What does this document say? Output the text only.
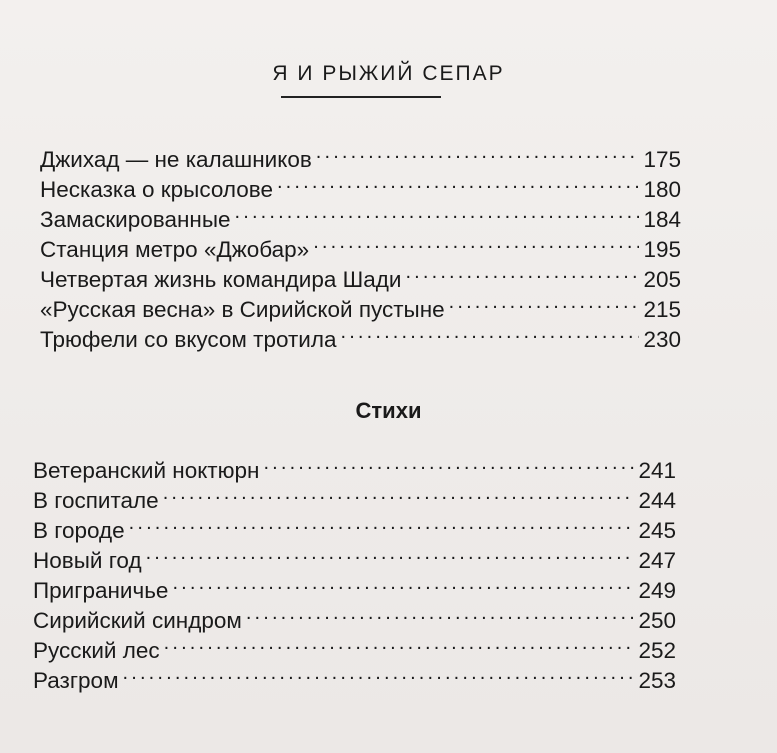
Я И РЫЖИЙ СЕПАР
Джихад — не калашников . . .	175
Несказка о крысолове . . .	180
Замаскированные . . .	184
Станция метро «Джобар» . . .	195
Четвертая жизнь командира Шади . . .	205
«Русская весна» в Сирийской пустыне . . .	215
Трюфели со вкусом тротила . . .	230
Стихи
Ветеранский ноктюрн . . .	241
В госпитале . . .	244
В городе . . .	245
Новый год . . .	247
Приграничье . . .	249
Сирийский синдром . . .	250
Русский лес . . .	252
Разгром . . .	253
